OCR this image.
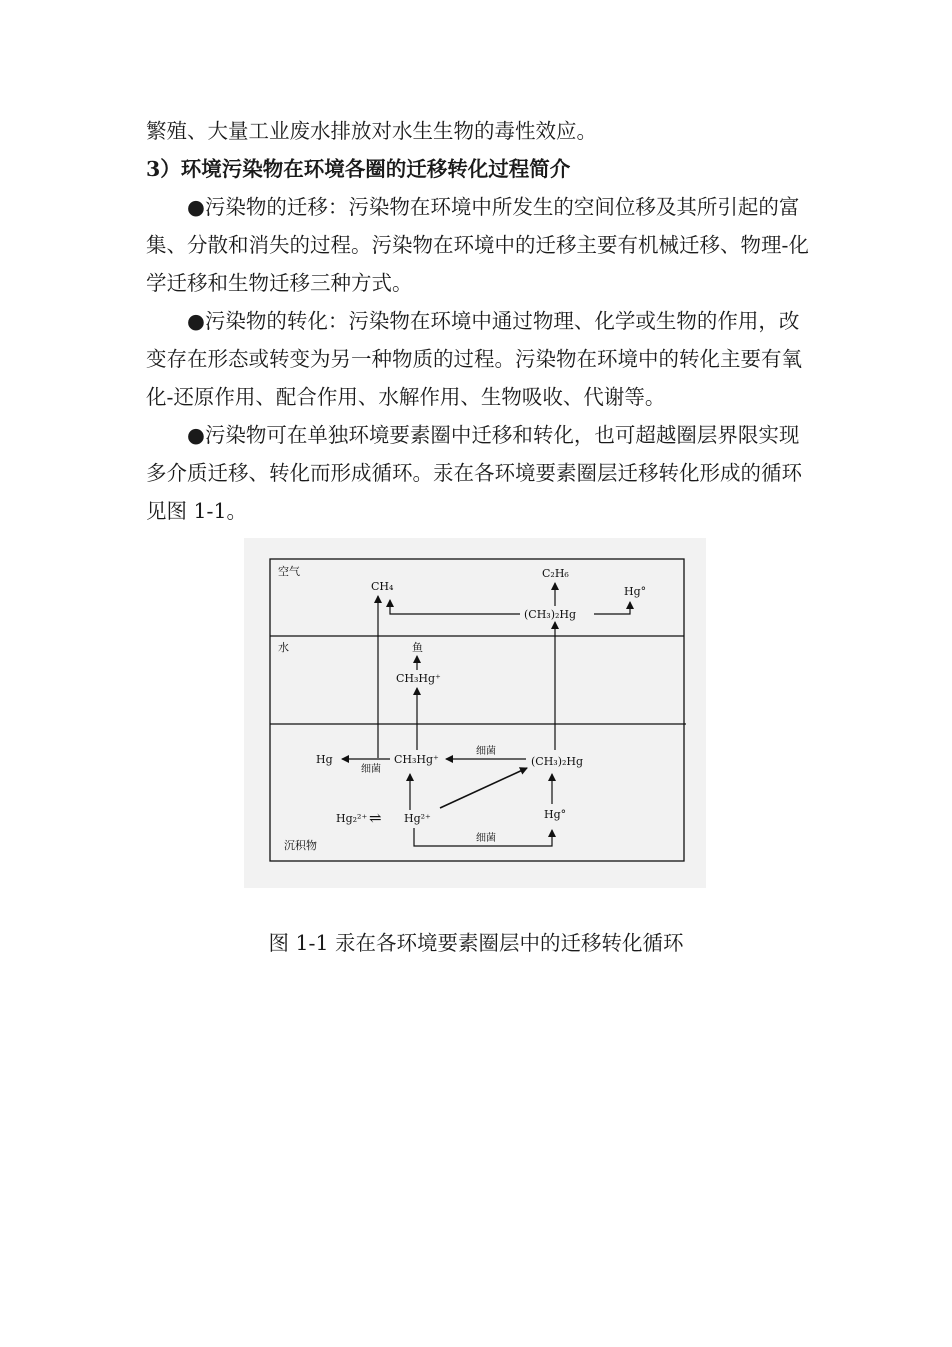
繁殖、大量工业废水排放对水生生物的毒性效应。

3）环境污染物在环境各圈的迁移转化过程简介

●污染物的迁移：污染物在环境中所发生的空间位移及其所引起的富集、分散和消失的过程。污染物在环境中的迁移主要有机械迁移、物理-化学迁移和生物迁移三种方式。

●污染物的转化：污染物在环境中通过物理、化学或生物的作用，改变存在形态或转变为另一种物质的过程。污染物在环境中的转化主要有氧化-还原作用、配合作用、水解作用、生物吸收、代谢等。

●污染物可在单独环境要素圈中迁移和转化，也可超越圈层界限实现多介质迁移、转化而形成循环。汞在各环境要素圈层迁移转化形成的循环见图 1-1。

空气
水
沉积物
CH₄
C₂H₆
Hg°
(CH₃)₂Hg
鱼
CH₃Hg⁺
Hg	CH₃Hg⁺	(CH₃)₂Hg
Hg₂²⁺ ⇌ Hg²⁺	Hg°
细菌
细菌
细菌
图 1-1 汞在各环境要素圈层中的迁移转化循环
